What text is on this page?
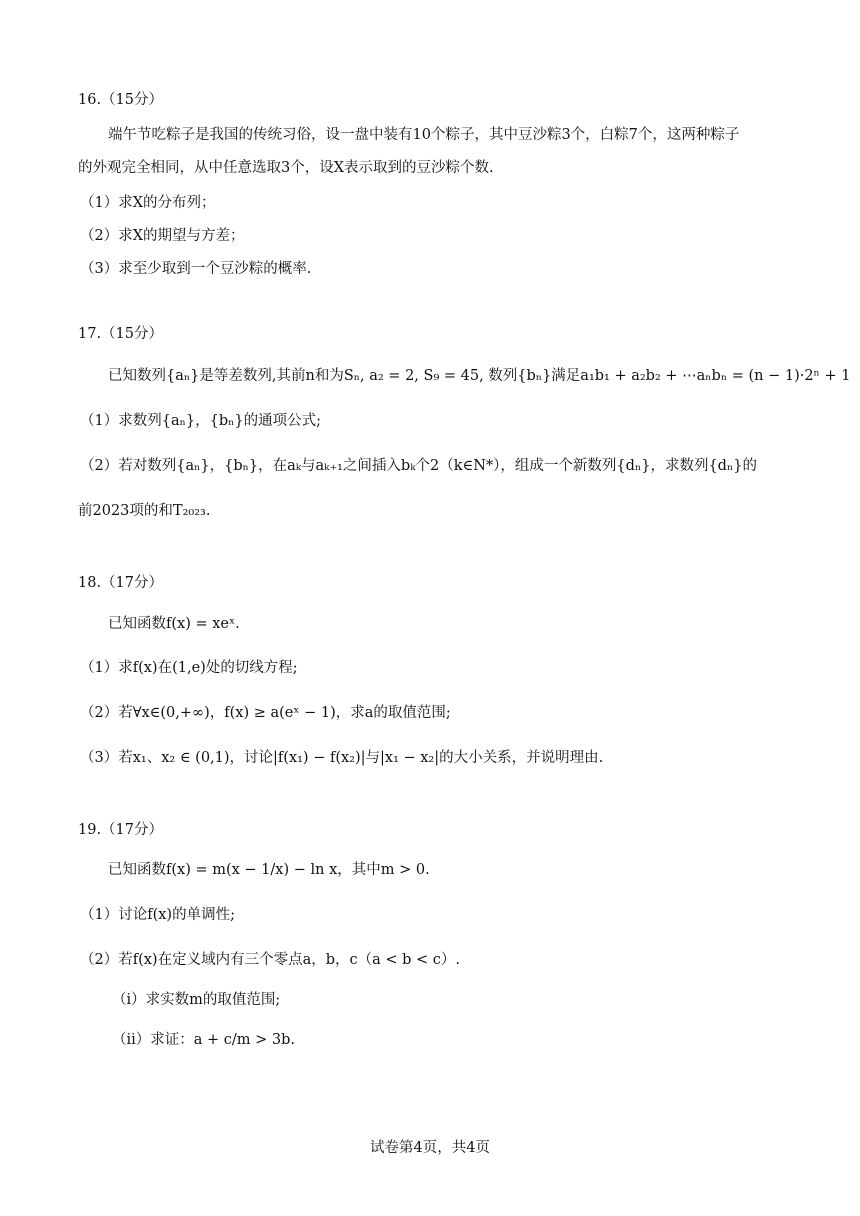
16.（15分）
端午节吃粽子是我国的传统习俗，设一盘中装有10个粽子，其中豆沙粽3个，白粽7个，这两种粽子
的外观完全相同，从中任意选取3个，设X表示取到的豆沙粽个数.
（1）求X的分布列；
（2）求X的期望与方差；
（3）求至少取到一个豆沙粽的概率.
17.（15分）
已知数列{aₙ}是等差数列,其前n和为Sₙ, a₂ = 2, S₉ = 45, 数列{bₙ}满足a₁b₁ + a₂b₂ + ⋯aₙbₙ = (n − 1)·2ⁿ + 1
（1）求数列{aₙ}，{bₙ}的通项公式;
（2）若对数列{aₙ}，{bₙ}，在aₖ与aₖ₊₁之间插入bₖ个2（k∈N*），组成一个新数列{dₙ}，求数列{dₙ}的
前2023项的和T₂₀₂₃.
18.（17分）
已知函数f(x) = xeˣ.
（1）求f(x)在(1,e)处的切线方程;
（2）若∀x∈(0,+∞)，f(x) ≥ a(eˣ − 1)，求a的取值范围;
（3）若x₁、x₂ ∈ (0,1)，讨论|f(x₁) − f(x₂)|与|x₁ − x₂|的大小关系，并说明理由.
19.（17分）
已知函数f(x) = m(x − 1/x) − ln x，其中m > 0.
（1）讨论f(x)的单调性;
（2）若f(x)在定义域内有三个零点a，b，c（a < b < c）.
（ⅰ）求实数m的取值范围;
（ⅱ）求证：a + c/m > 3b.
试卷第4页，共4页
